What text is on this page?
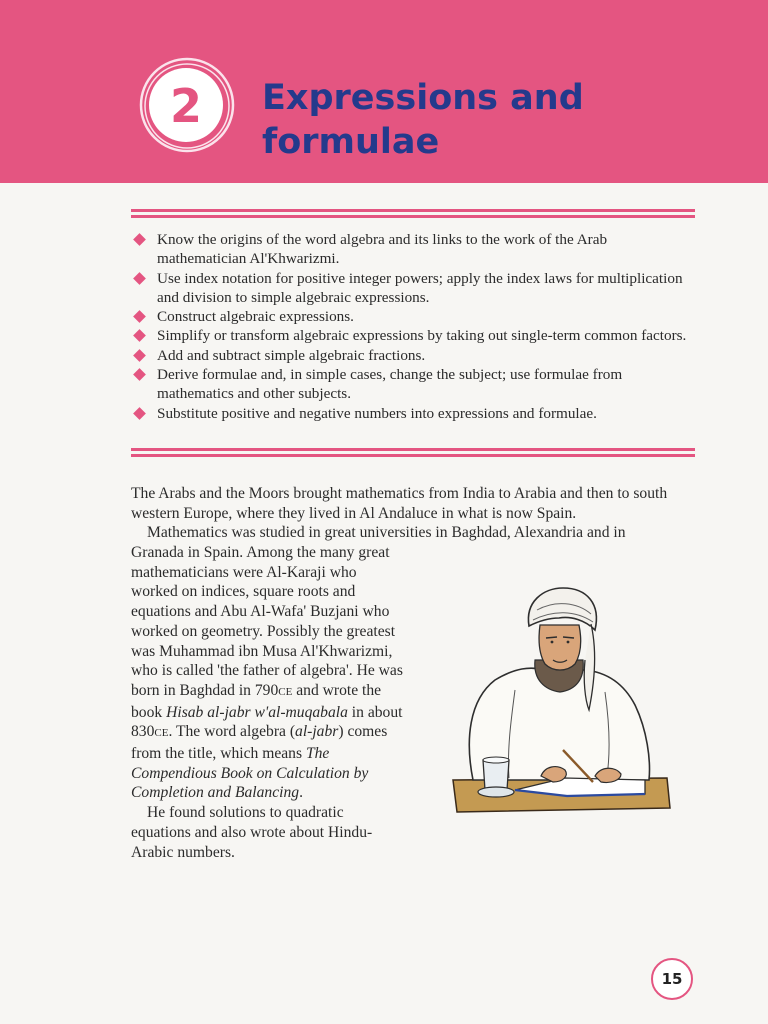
2 Expressions and
formulae
Know the origins of the word algebra and its links to the work of the Arab mathematician Al'Khwarizmi.
Use index notation for positive integer powers; apply the index laws for multiplication and division to simple algebraic expressions.
Construct algebraic expressions.
Simplify or transform algebraic expressions by taking out single-term common factors.
Add and subtract simple algebraic fractions.
Derive formulae and, in simple cases, change the subject; use formulae from mathematics and other subjects.
Substitute positive and negative numbers into expressions and formulae.

The Arabs and the Moors brought mathematics from India to Arabia and then to south western Europe, where they lived in Al Andaluce in what is now Spain.

Mathematics was studied in great universities in Baghdad, Alexandria and in

Granada in Spain. Among the many great mathematicians were Al-Karaji who worked on indices, square roots and equations and Abu Al-Wafa' Buzjani who worked on geometry. Possibly the greatest was Muhammad ibn Musa Al'Khwarizmi, who is called 'the father of algebra'. He was born in Baghdad in 790CE and wrote the book Hisab al-jabr w'al-muqabala in about 830CE. The word algebra (al-jabr) comes from the title, which means The Compendious Book on Calculation by Completion and Balancing.

He found solutions to quadratic equations and also wrote about Hindu-Arabic numbers.

15
